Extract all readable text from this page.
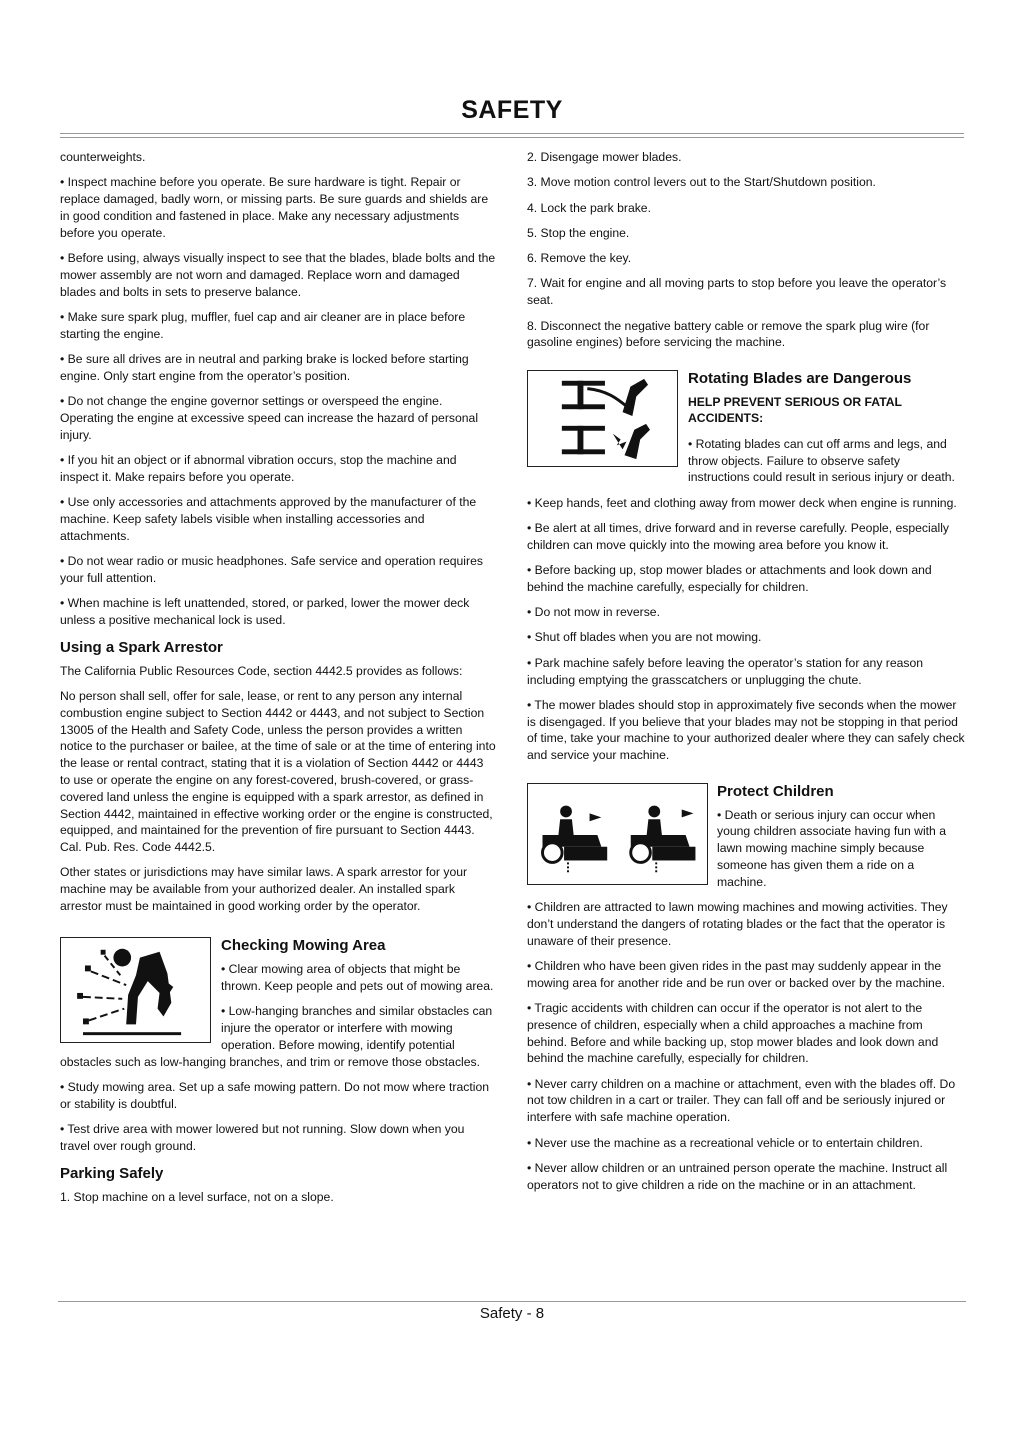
SAFETY

counterweights.

• Inspect machine before you operate. Be sure hardware is tight. Repair or replace damaged, badly worn, or missing parts. Be sure guards and shields are in good condition and fastened in place. Make any necessary adjustments before you operate.

• Before using, always visually inspect to see that the blades, blade bolts and the mower assembly are not worn and damaged. Replace worn and damaged blades and bolts in sets to preserve balance.

• Make sure spark plug, muffler, fuel cap and air cleaner are in place before starting the engine.

• Be sure all drives are in neutral and parking brake is locked before starting engine. Only start engine from the operator’s position.

• Do not change the engine governor settings or overspeed the engine. Operating the engine at excessive speed can increase the hazard of personal injury.

• If you hit an object or if abnormal vibration occurs, stop the machine and inspect it. Make repairs before you operate.

• Use only accessories and attachments approved by the manufacturer of the machine. Keep safety labels visible when installing accessories and attachments.

• Do not wear radio or music headphones. Safe service and operation requires your full attention.

• When machine is left unattended, stored, or parked, lower the mower deck unless a positive mechanical lock is used.

Using a Spark Arrestor

The California Public Resources Code, section 4442.5 provides as follows:

No person shall sell, offer for sale, lease, or rent to any person any internal combustion engine subject to Section 4442 or 4443, and not subject to Section 13005 of the Health and Safety Code, unless the person provides a written notice to the purchaser or bailee, at the time of sale or at the time of entering into the lease or rental contract, stating that it is a violation of Section 4442 or 4443 to use or operate the engine on any forest-covered, brush-covered, or grass-covered land unless the engine is equipped with a spark arrestor, as defined in Section 4442, maintained in effective working order or the engine is constructed, equipped, and maintained for the prevention of fire pursuant to Section 4443. Cal. Pub. Res. Code 4442.5.

Other states or jurisdictions may have similar laws. A spark arrestor for your machine may be available from your authorized dealer. An installed spark arrestor must be maintained in good working order by the operator.

Checking Mowing Area

• Clear mowing area of objects that might be thrown. Keep people and pets out of mowing area.

• Low-hanging branches and similar obstacles can injure the operator or interfere with mowing operation. Before mowing, identify potential obstacles such as low-hanging branches, and trim or remove those obstacles.

• Study mowing area. Set up a safe mowing pattern. Do not mow where traction or stability is doubtful.

• Test drive area with mower lowered but not running. Slow down when you travel over rough ground.

Parking Safely

1. Stop machine on a level surface, not on a slope.

2. Disengage mower blades.

3. Move motion control levers out to the Start/Shutdown position.

4. Lock the park brake.

5. Stop the engine.

6. Remove the key.

7. Wait for engine and all moving parts to stop before you leave the operator’s seat.

8. Disconnect the negative battery cable or remove the spark plug wire (for gasoline engines) before servicing the machine.

Rotating Blades are Dangerous

HELP PREVENT SERIOUS OR FATAL ACCIDENTS:

• Rotating blades can cut off arms and legs, and throw objects. Failure to observe safety instructions could result in serious injury or death.

• Keep hands, feet and clothing away from mower deck when engine is running.

• Be alert at all times, drive forward and in reverse carefully. People, especially children can move quickly into the mowing area before you know it.

• Before backing up, stop mower blades or attachments and look down and behind the machine carefully, especially for children.

• Do not mow in reverse.

• Shut off blades when you are not mowing.

• Park machine safely before leaving the operator’s station for any reason including emptying the grasscatchers or unplugging the chute.

• The mower blades should stop in approximately five seconds when the mower is disengaged. If you believe that your blades may not be stopping in that period of time, take your machine to your authorized dealer where they can safely check and service your machine.

Protect Children

• Death or serious injury can occur when young children associate having fun with a lawn mowing machine simply because someone has given them a ride on a machine.

• Children are attracted to lawn mowing machines and mowing activities. They don’t understand the dangers of rotating blades or the fact that the operator is unaware of their presence.

• Children who have been given rides in the past may suddenly appear in the mowing area for another ride and be run over or backed over by the machine.

• Tragic accidents with children can occur if the operator is not alert to the presence of children, especially when a child approaches a machine from behind. Before and while backing up, stop mower blades and look down and behind the machine carefully, especially for children.

• Never carry children on a machine or attachment, even with the blades off. Do not tow children in a cart or trailer. They can fall off and be seriously injured or interfere with safe machine operation.

• Never use the machine as a recreational vehicle or to entertain children.

• Never allow children or an untrained person operate the machine. Instruct all operators not to give children a ride on the machine or in an attachment.

Safety - 8
